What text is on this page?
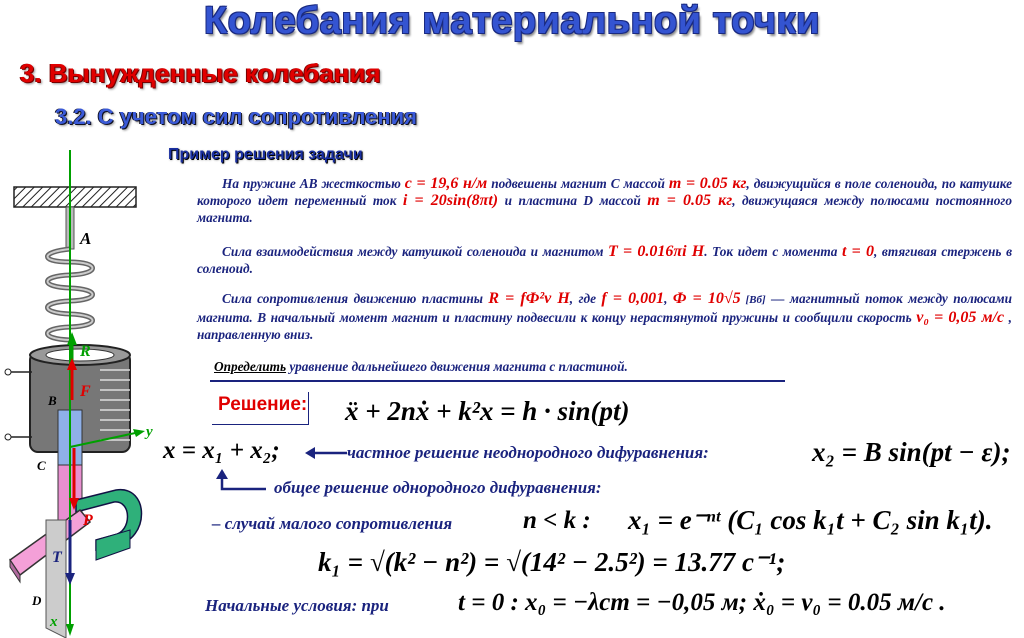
Колебания материальной точки
3. Вынужденные колебания
3.2. С учетом сил сопротивления
Пример решения задачи
A
B
C
D
x
y
R
F
P
T
На пружине АВ жесткостью с = 19,6 н/м подвешены магнит С массой m = 0.05 кг, движущийся в поле соленоида, по катушке которого идет переменный ток i = 20sin(8πt) и пластина D массой m = 0.05 кг, движущаяся между полюсами постоянного магнита.
Сила взаимодействия между катушкой соленоида и магнитом Т = 0.016πi Н. Ток идет с момента t = 0, втягивая стержень в соленоид.
Сила сопротивления движению пластины R = fФ²v Н, где f = 0,001, Ф = 10√5 [Вб] — магнитный поток между полюсами магнита. В начальный момент магнит и пластину подвесили к концу нерастянутой пружины и сообщили скорость v₀ = 0,05 м/с , направленную вниз.
Определить уравнение дальнейшего движения магнита с пластиной.
Решение: ẍ + 2nẋ + k²x = h · sin(pt)
x = x₁ + x₂;	частное решение неоднородного дифуравнения:	x₂ = B sin(pt − ε);
общее решение однородного дифуравнения:
– случай малого сопротивления	n < k : x₁ = e⁻ⁿᵗ (C₁ cos k₁t + C₂ sin k₁t).
k₁ = √(k² − n²) = √(14² − 2.5²) = 13.77 c⁻¹;
Начальные условия: при	t = 0 : x₀ = −λст = −0,05 м; ẋ₀ = v₀ = 0.05 м/с .
